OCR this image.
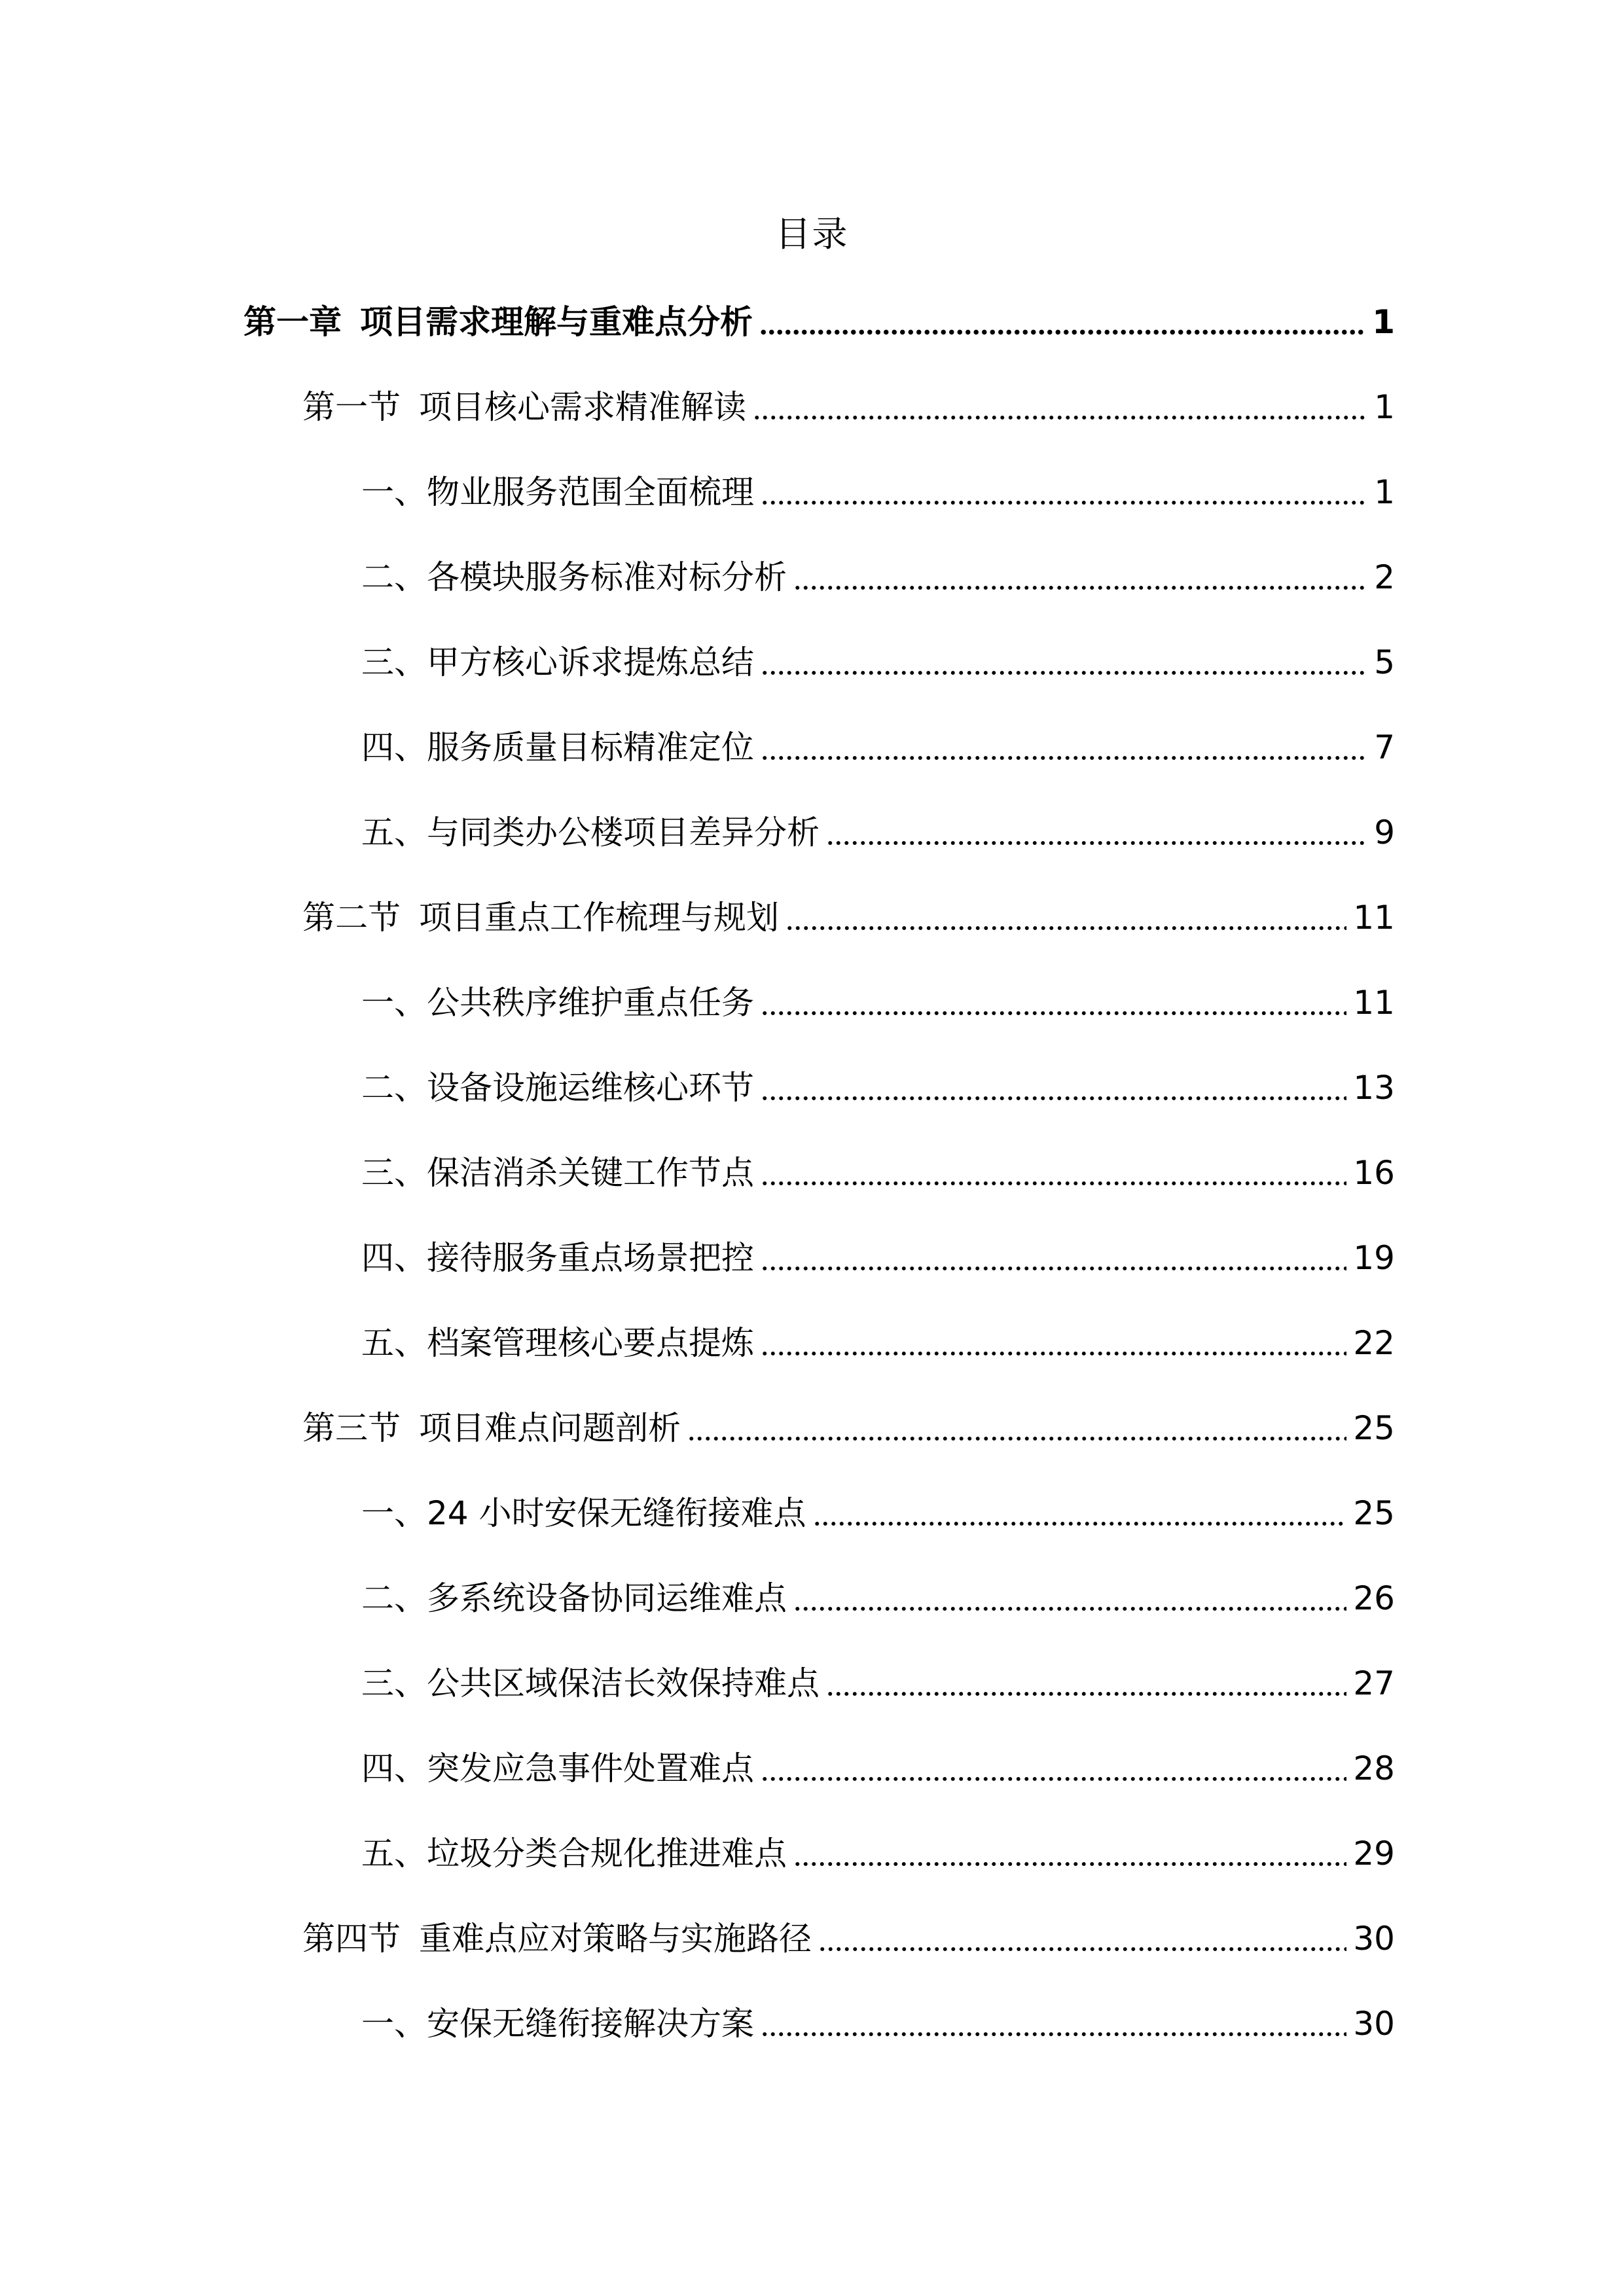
目录
第一章 项目需求理解与重难点分析	1
第一节 项目核心需求精准解读	1
一、物业服务范围全面梳理	1
二、各模块服务标准对标分析	2
三、甲方核心诉求提炼总结	5
四、服务质量目标精准定位	7
五、与同类办公楼项目差异分析	9
第二节 项目重点工作梳理与规划	11
一、公共秩序维护重点任务	11
二、设备设施运维核心环节	13
三、保洁消杀关键工作节点	16
四、接待服务重点场景把控	19
五、档案管理核心要点提炼	22
第三节 项目难点问题剖析	25
一、24 小时安保无缝衔接难点	25
二、多系统设备协同运维难点	26
三、公共区域保洁长效保持难点	27
四、突发应急事件处置难点	28
五、垃圾分类合规化推进难点	29
第四节 重难点应对策略与实施路径	30
一、安保无缝衔接解决方案	30
